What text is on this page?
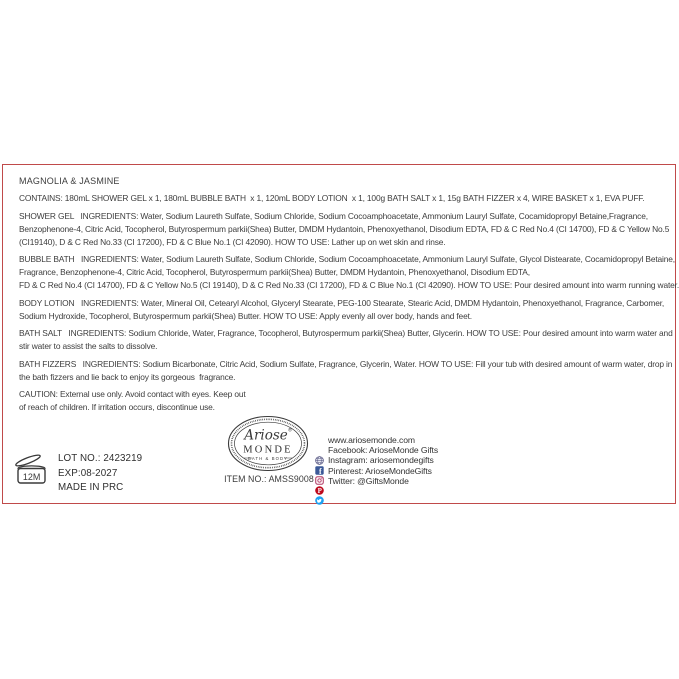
MAGNOLIA & JASMINE
CONTAINS: 180mL SHOWER GEL x 1, 180mL BUBBLE BATH  x 1, 120mL BODY LOTION  x 1, 100g BATH SALT x 1, 15g BATH FIZZER x 4, WIRE BASKET x 1, EVA PUFF.
SHOWER GEL   INGREDIENTS: Water, Sodium Laureth Sulfate, Sodium Chloride, Sodium Cocoamphoacetate, Ammonium Lauryl Sulfate, Cocamidopropyl Betaine,Fragrance,
Benzophenone-4, Citric Acid, Tocopherol, Butyrospermum parkii(Shea) Butter, DMDM Hydantoin, Phenoxyethanol, Disodium EDTA, FD & C Red No.4 (CI 14700), FD & C Yellow No.5
(CI19140), D & C Red No.33 (CI 17200), FD & C Blue No.1 (CI 42090). HOW TO USE: Lather up on wet skin and rinse.
BUBBLE BATH   INGREDIENTS: Water, Sodium Laureth Sulfate, Sodium Chloride, Sodium Cocoamphoacetate, Ammonium Lauryl Sulfate, Glycol Distearate, Cocamidopropyl Betaine,
Fragrance, Benzophenone-4, Citric Acid, Tocopherol, Butyrospermum parkii(Shea) Butter, DMDM Hydantoin, Phenoxyethanol, Disodium EDTA,
FD & C Red No.4 (CI 14700), FD & C Yellow No.5 (CI 19140), D & C Red No.33 (CI 17200), FD & C Blue No.1 (CI 42090). HOW TO USE: Pour desired amount into warm running water.
BODY LOTION   INGREDIENTS: Water, Mineral Oil, Cetearyl Alcohol, Glyceryl Stearate, PEG-100 Stearate, Stearic Acid, DMDM Hydantoin, Phenoxyethanol, Fragrance, Carbomer,
Sodium Hydroxide, Tocopherol, Butyrospermum parkii(Shea) Butter. HOW TO USE: Apply evenly all over body, hands and feet.
BATH SALT   INGREDIENTS: Sodium Chloride, Water, Fragrance, Tocopherol, Butyrospermum parkii(Shea) Butter, Glycerin. HOW TO USE: Pour desired amount into warm water and
stir water to assist the salts to dissolve.
BATH FIZZERS   INGREDIENTS: Sodium Bicarbonate, Citric Acid, Sodium Sulfate, Fragrance, Glycerin, Water. HOW TO USE: Fill your tub with desired amount of warm water, drop in
the bath fizzers and lie back to enjoy its gorgeous  fragrance.
CAUTION: External use only. Avoid contact with eyes. Keep out
of reach of children. If irritation occurs, discontinue use.
12M
LOT NO.: 2423219
EXP:08-2027
MADE IN PRC
Ariose ®
MONDE
BATH & BODY
ITEM NO.: AMSS9008

www.ariosemonde.com

f

Facebook: ArioseMonde Gifts

Instagram: ariosemondegifts

P

Pinterest: ArioseMondeGifts

Twitter: @GiftsMonde
